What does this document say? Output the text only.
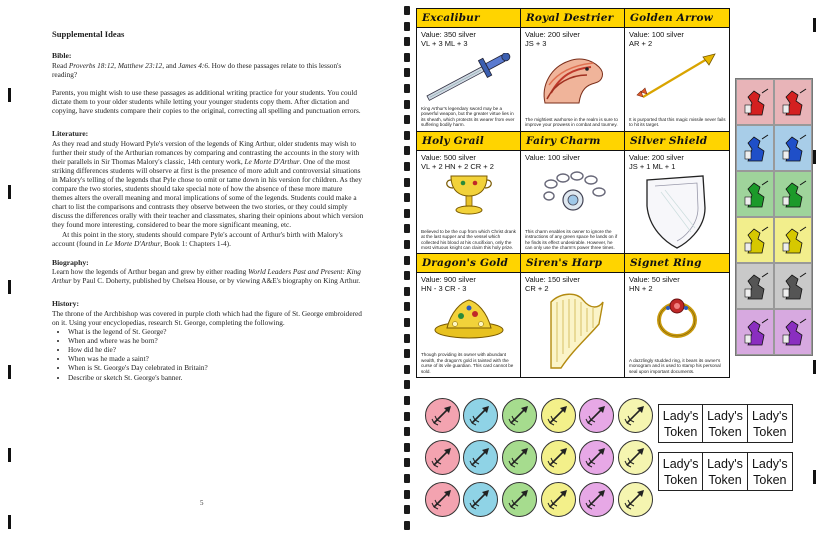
Supplemental Ideas
Bible:

Read Proverbs 18:12, Matthew 23:12, and James 4:6. How do these passages relate to this lesson's reading?

Parents, you might wish to use these passages as additional writing practice for your students. You could dictate them to your older students while letting your younger students copy them. After dictation and copying, have students compare their copies to the original, correcting all spelling and punctuation errors.

Literature:

As they read and study Howard Pyle's version of the legends of King Arthur, older students may wish to further their study of the Arthurian romances by comparing and contrasting the accounts in the story with their parallels in Sir Thomas Malory's classic, 14th century work, Le Morte D'Arthur. One of the most striking differences students will observe at first is the presence of more adult and controversial situations in Malory's telling of the legends that Pyle chose to omit or tame down in his version for children. As they compare the two stories, students should take special note of how the absence of these more mature themes alters the overall meaning and moral implications of some of the legends. Students could make a chart to list the comparisons and contrasts they observe between the two stories, or they could simply discuss the differences orally with their teacher and classmates, sharing their opinions about which version they found more interesting, considered to bear the more significant meaning, etc.

At this point in the story, students should compare Pyle's account of Arthur's birth with Malory's account (found in Le Morte D'Arthur, Book 1: Chapters 1-4).

Biography:

Learn how the legends of Arthur began and grew by either reading World Leaders Past and Present: King Arthur by Paul C. Doherty, published by Chelsea House, or by viewing A&E's biography on King Arthur.

History:

The throne of the Archbishop was covered in purple cloth which had the figure of St. George embroidered on it. Using your encyclopedias, research St. George, completing the following.

• What is the legend of St. George?
• When and where was he born?
• How did he die?
• When was he made a saint?
• When is St. George's Day celebrated in Britain?
• Describe or sketch St. George's banner.
5
Excalibur
Value: 350 silver
VL + 3 ML + 3
King Arthur's legendary sword may be a powerful weapon, but the greater virtue lies in its sheath, which protects its wearer from ever suffering bodily harm.
Royal Destrier
Value: 200 silver
JS + 3
The mightiest warhorse in the realm is sure to improve your prowess in combat and tourney.
Golden Arrow
Value: 100 silver
AR + 2
It is purported that this magic missile never fails to hit its target.
Holy Grail
Value: 500 silver
VL + 2 HN + 2 CR + 2
Believed to be the cup from which Christ drank at the last supper and the vessel which collected his blood at his crucifixion, only the most virtuous knight can claim this holy prize.
Fairy Charm
Value: 100 silver
This charm enables its owner to ignore the instructions of any green space he lands on if he finds its effect undesirable. However, he can only use the charm's power three times.
Silver Shield
Value: 200 silver
JS + 1 ML + 1
Dragon's Gold
Value: 900 silver
HN - 3 CR - 3
Though providing its owner with abundant wealth, the dragon's gold is tainted with the curse of its vile guardian. This card cannot be sold.
Siren's Harp
Value: 150 silver
CR + 2
Signet Ring
Value: 50 silver
HN + 2
A dazzlingly studded ring, it bears its owner's monogram and is used to stamp his personal seal upon important documents.
Lady's
Token
Lady's
Token
Lady's
Token
Lady's
Token
Lady's
Token
Lady's
Token
